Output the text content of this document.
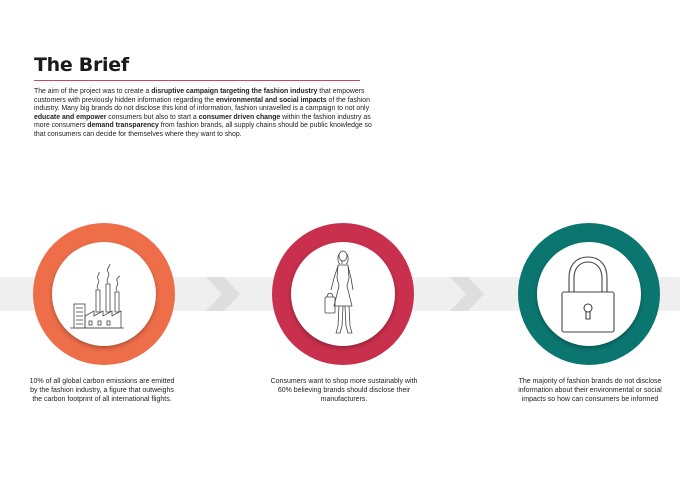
The Brief

The aim of the project was to create a disruptive campaign targeting the fashion industry that empowers customers with previously hidden information regarding the environmental and social impacts of the fashion industry. Many big brands do not disclose this kind of information, fashion unravelled is a campaign to not only educate and empower consumers but also to start a consumer driven change within the fashion industry as more consumers demand transparency from fashion brands, all supply chains should be public knowledge so that consumers can decide for themselves where they want to shop.

10% of all global carbon emissions are emitted by the fashion industry, a figure that outweighs the carbon footprint of all international flights.

Consumers want to shop more sustainably with 60% believing brands should disclose their manufacturers.

The majority of fashion brands do not disclose information about their environmental or social impacts so how can consumers be informed
